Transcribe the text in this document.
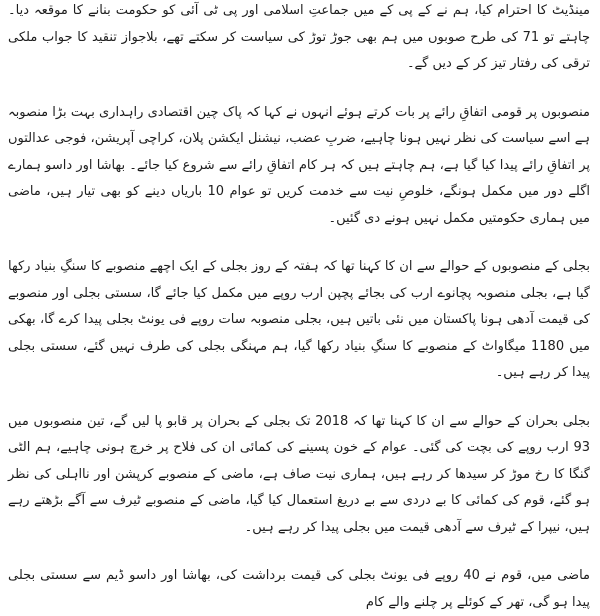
مینڈیٹ کا احترام کیا، ہم نے کے پی کے میں جماعتِ اسلامی اور پی ٹی آئی کو حکومت بنانے کا موقعہ دیا۔ چاہتے تو 71 کی طرح صوبوں میں ہم بھی جوڑ توڑ کی سیاست کر سکتے تھے، بلاجواز تنقید کا جواب ملکی ترقی کی رفتار تیز کر کے دیں گے۔

منصوبوں پر قومی اتفاقِ رائے پر بات کرتے ہوئے انہوں نے کہا کہ پاک چین اقتصادی راہداری بہت بڑا منصوبہ ہے اسے سیاست کی نظر نہیں ہونا چاہیے، ضربِ عضب، نیشنل ایکشن پلان، کراچی آپریشن، فوجی عدالتوں پر اتفاقِ رائے پیدا کیا گیا ہے، ہم چاہتے ہیں کہ ہر کام اتفاقِ رائے سے شروع کیا جائے۔ بھاشا اور داسو ہمارے اگلے دور میں مکمل ہونگے، خلوصِ نیت سے خدمت کریں تو عوام 10 باریاں دینے کو بھی تیار ہیں، ماضی میں ہماری حکومتیں مکمل نہیں ہونے دی گئیں۔

بجلی کے منصوبوں کے حوالے سے ان کا کہنا تھا کہ ہفتہ کے روز بجلی کے ایک اچھے منصوبے کا سنگِ بنیاد رکھا گیا ہے، بجلی منصوبہ پچانوے ارب کی بجائے پچپن ارب روپے میں مکمل کیا جائے گا، سستی بجلی اور منصوبے کی قیمت آدھی ہونا پاکستان میں نئی باتیں ہیں، بجلی منصوبہ سات روپے فی یونٹ بجلی پیدا کرے گا، بھکی میں 1180 میگاواٹ کے منصوبے کا سنگِ بنیاد رکھا گیا، ہم مہنگی بجلی کی طرف نہیں گئے، سستی بجلی پیدا کر رہے ہیں۔

بجلی بحران کے حوالے سے ان کا کہنا تھا کہ 2018 تک بجلی کے بحران پر قابو پا لیں گے، تین منصوبوں میں 93 ارب روپے کی بچت کی گئی۔ عوام کے خون پسینے کی کمائی ان کی فلاح پر خرچ ہونی چاہیے، ہم الٹی گنگا کا رخ موڑ کر سیدھا کر رہے ہیں، ہماری نیت صاف ہے، ماضی کے منصوبے کرپشن اور نااہلی کی نظر ہو گئے، قوم کی کمائی کا بے دردی سے بے دریغ استعمال کیا گیا، ماضی کے منصوبے ٹیرف سے آگے بڑھتے رہے ہیں، نیپرا کے ٹیرف سے آدھی قیمت میں بجلی پیدا کر رہے ہیں۔

ماضی میں، قوم نے 40 روپے فی یونٹ بجلی کی قیمت برداشت کی، بھاشا اور داسو ڈیم سے سستی بجلی پیدا ہو گی، تھر کے کوئلے پر چلنے والے کام
